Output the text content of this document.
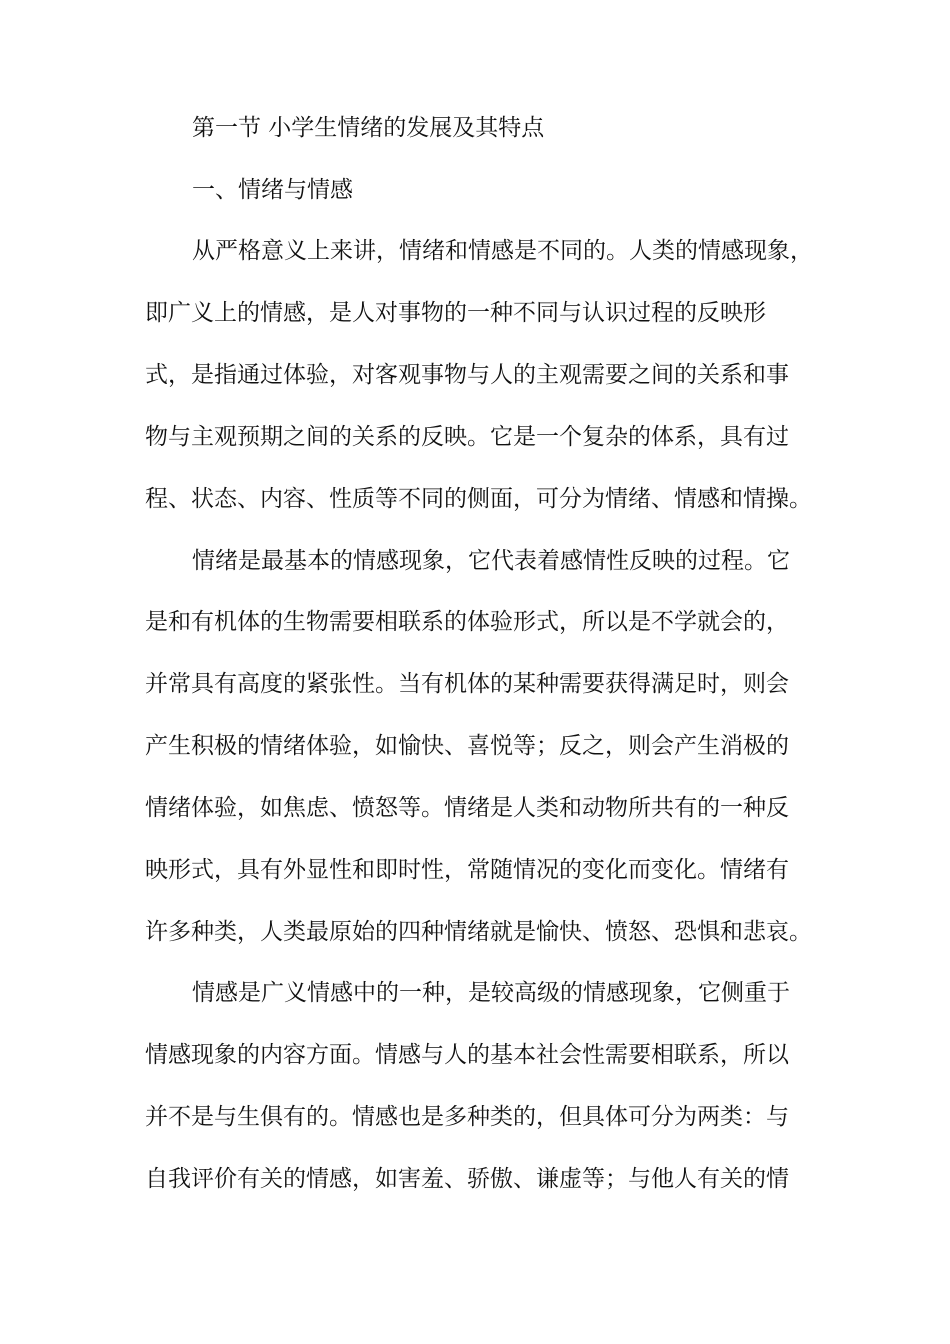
第一节 小学生情绪的发展及其特点
一、情绪与情感
从严格意义上来讲，情绪和情感是不同的。人类的情感现象，
即广义上的情感，是人对事物的一种不同与认识过程的反映形
式，是指通过体验，对客观事物与人的主观需要之间的关系和事
物与主观预期之间的关系的反映。它是一个复杂的体系，具有过
程、状态、内容、性质等不同的侧面，可分为情绪、情感和情操。
情绪是最基本的情感现象，它代表着感情性反映的过程。它
是和有机体的生物需要相联系的体验形式，所以是不学就会的，
并常具有高度的紧张性。当有机体的某种需要获得满足时，则会
产生积极的情绪体验，如愉快、喜悦等；反之，则会产生消极的
情绪体验，如焦虑、愤怒等。情绪是人类和动物所共有的一种反
映形式，具有外显性和即时性，常随情况的变化而变化。情绪有
许多种类，人类最原始的四种情绪就是愉快、愤怒、恐惧和悲哀。
情感是广义情感中的一种，是较高级的情感现象，它侧重于
情感现象的内容方面。情感与人的基本社会性需要相联系，所以
并不是与生俱有的。情感也是多种类的，但具体可分为两类：与
自我评价有关的情感，如害羞、骄傲、谦虚等；与他人有关的情
